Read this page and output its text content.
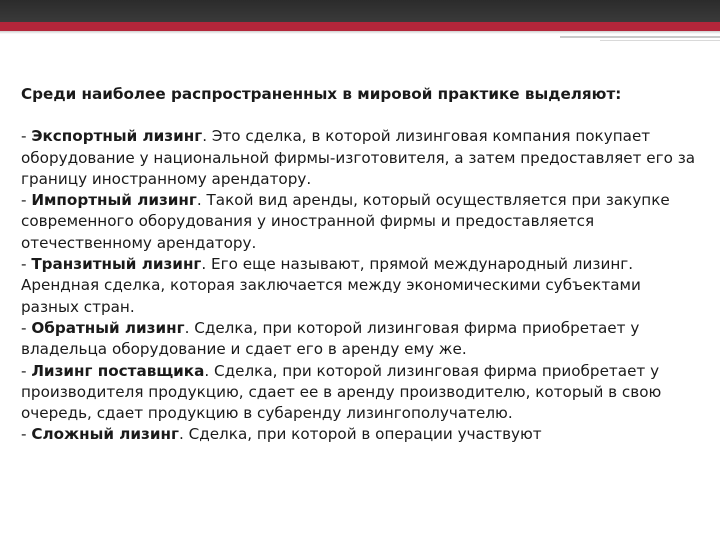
Среди наиболее распространенных в мировой практике выделяют:

- Экспортный лизинг. Это сделка, в которой лизинговая компания покупает оборудование у национальной фирмы-изготовителя, а затем предоставляет его за границу иностранному арендатору.

- Импортный лизинг. Такой вид аренды, который осуществляется при закупке современного оборудования у иностранной фирмы и предоставляется отечественному арендатору.

- Транзитный лизинг. Его еще называют, прямой международный лизинг. Арендная сделка, которая заключается между экономическими субъектами разных стран.

- Обратный лизинг. Сделка, при которой лизинговая фирма приобретает у владельца оборудование и сдает его в аренду ему же.

- Лизинг поставщика. Сделка, при которой лизинговая фирма приобретает у производителя продукцию, сдает ее в аренду производителю, который в свою очередь, сдает продукцию в субаренду лизингополучателю.

- Сложный лизинг. Сделка, при которой в операции участвуют
